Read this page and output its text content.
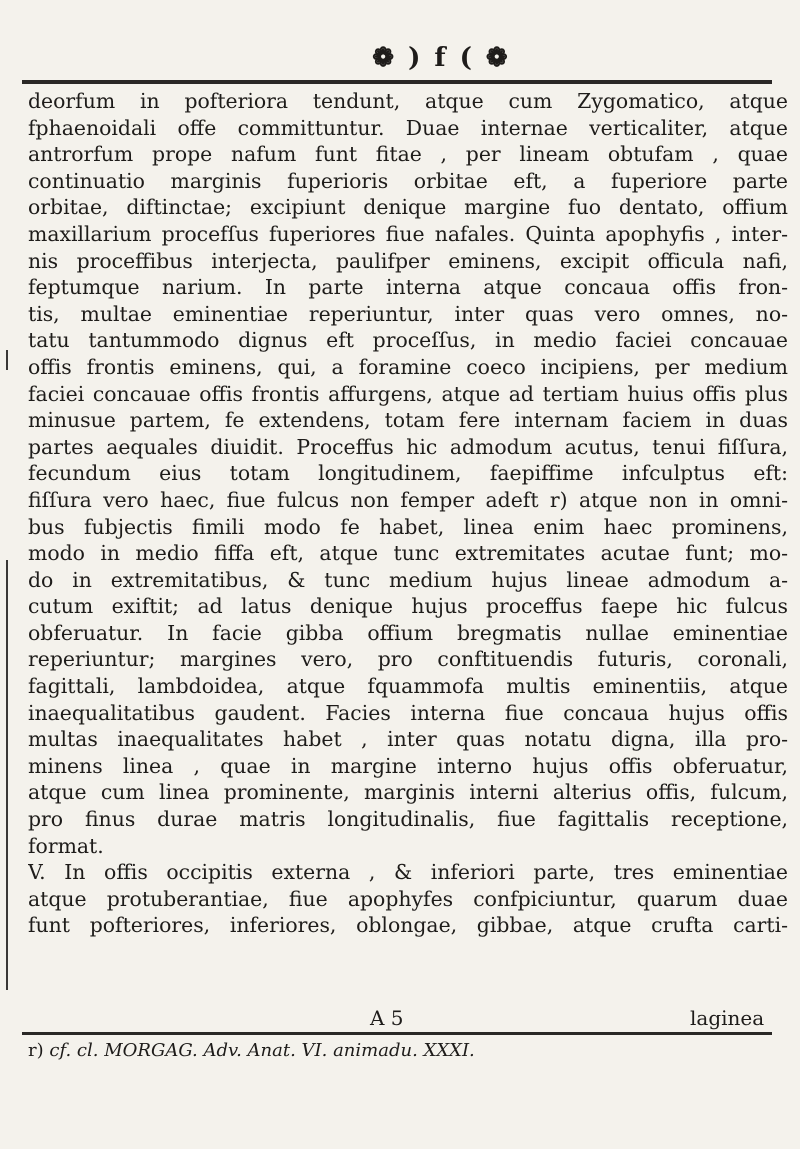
❁ ) f ( ❁
deorfum in pofteriora tendunt, atque cum Zygomatico, atque
fphaenoidali offe committuntur. Duae internae verticaliter, atque
antrorfum prope nafum funt fitae , per lineam obtufam , quae
continuatio marginis fuperioris orbitae eft, a fuperiore parte
orbitae, diftinctae; excipiunt denique margine fuo dentato, offium
maxillarium procefſus fuperiores fiue nafales. Quinta apophyfis , inter-
nis proceffibus interjecta, paulifper eminens, excipit officula nafi,
feptumque narium. In parte interna atque concaua offis fron-
tis, multae eminentiae reperiuntur, inter quas vero omnes, no-
tatu tantummodo dignus eft proceſſus, in medio faciei concauae
offis frontis eminens, qui, a foramine coeco incipiens, per medium
faciei concauae offis frontis affurgens, atque ad tertiam huius offis plus
minusue partem, fe extendens, totam fere internam faciem in duas
partes aequales diuidit. Proceffus hic admodum acutus, tenui fiſſura,
fecundum eius totam longitudinem, faepiffime infculptus eft:
fiſſura vero haec, fiue fulcus non femper adeft r) atque non in omni-
bus fubjectis fimili modo fe habet, linea enim haec prominens,
modo in medio fiffa eft, atque tunc extremitates acutae funt; mo-
do in extremitatibus, & tunc medium hujus lineae admodum a-
cutum exiftit; ad latus denique hujus proceffus faepe hic fulcus
obferuatur. In facie gibba offium bregmatis nullae eminentiae
reperiuntur; margines vero, pro conftituendis futuris, coronali,
fagittali, lambdoidea, atque fquammofa multis eminentiis, atque
inaequalitatibus gaudent. Facies interna fiue concaua hujus offis
multas inaequalitates habet , inter quas notatu digna, illa pro-
minens linea , quae in margine interno hujus offis obferuatur,
atque cum linea prominente, marginis interni alterius offis, fulcum,
pro finus durae matris longitudinalis, fiue fagittalis receptione,
format.
V. In offis occipitis externa , & inferiori parte, tres eminentiae
atque protuberantiae, fiue apophyfes confpiciuntur, quarum duae
funt pofteriores, inferiores, oblongae, gibbae, atque crufta carti-
A 5	laginea
r) cf. cl. MORGAG. Adv. Anat. VI. animadu. XXXI.
